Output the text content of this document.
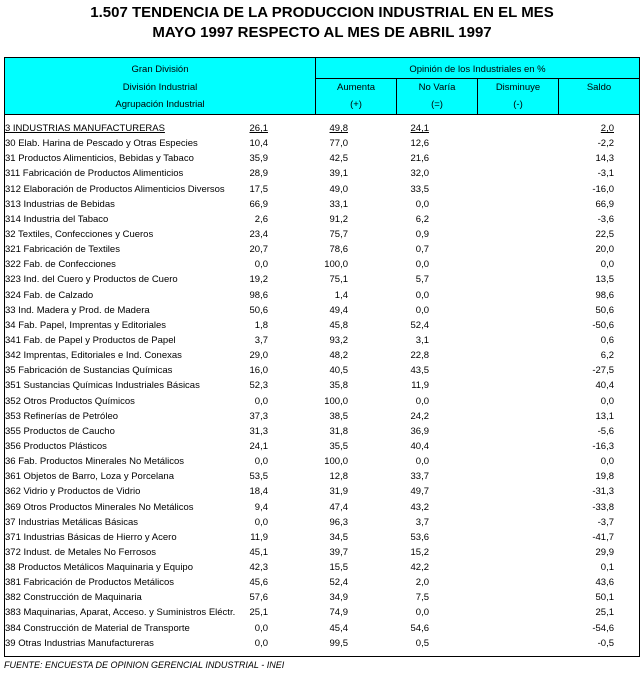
1.507 TENDENCIA DE LA PRODUCCION INDUSTRIAL EN EL MES
MAYO 1997 RESPECTO AL MES DE ABRIL 1997
Gran División
División Industrial
Agrupación Industrial
Opinión de los Industriales en %
Aumenta
(+)
No Varía
(=)
Disminuye
(-)
Saldo
3 INDUSTRIAS MANUFACTURERAS	26,1	49,8	24,1	2,0
30 Elab. Harina de Pescado y Otras Especies	10,4	77,0	12,6	-2,2
31 Productos Alimenticios, Bebidas y Tabaco	35,9	42,5	21,6	14,3
311 Fabricación de Productos Alimenticios	28,9	39,1	32,0	-3,1
312 Elaboración de Productos Alimenticios Diversos	17,5	49,0	33,5	-16,0
313 Industrias de Bebidas	66,9	33,1	0,0	66,9
314 Industria del Tabaco	2,6	91,2	6,2	-3,6
32 Textiles, Confecciones y Cueros	23,4	75,7	0,9	22,5
321 Fabricación de Textiles	20,7	78,6	0,7	20,0
322 Fab. de Confecciones	0,0	100,0	0,0	0,0
323 Ind. del Cuero y Productos de Cuero	19,2	75,1	5,7	13,5
324 Fab. de Calzado	98,6	1,4	0,0	98,6
33 Ind. Madera y Prod. de Madera	50,6	49,4	0,0	50,6
34 Fab. Papel, Imprentas y Editoriales	1,8	45,8	52,4	-50,6
341 Fab. de Papel y Productos de Papel	3,7	93,2	3,1	0,6
342 Imprentas, Editoriales e Ind. Conexas	29,0	48,2	22,8	6,2
35 Fabricación de Sustancias Químicas	16,0	40,5	43,5	-27,5
351 Sustancias Químicas Industriales Básicas	52,3	35,8	11,9	40,4
352 Otros Productos Químicos	0,0	100,0	0,0	0,0
353 Refinerías de Petróleo	37,3	38,5	24,2	13,1
355 Productos de Caucho	31,3	31,8	36,9	-5,6
356 Productos Plásticos	24,1	35,5	40,4	-16,3
36 Fab. Productos Minerales No Metálicos	0,0	100,0	0,0	0,0
361 Objetos de Barro, Loza y Porcelana	53,5	12,8	33,7	19,8
362 Vidrio y Productos de Vidrio	18,4	31,9	49,7	-31,3
369 Otros Productos Minerales No Metálicos	9,4	47,4	43,2	-33,8
37 Industrias Metálicas Básicas	0,0	96,3	3,7	-3,7
371 Industrias Básicas de Hierro y Acero	11,9	34,5	53,6	-41,7
372 Indust. de Metales No Ferrosos	45,1	39,7	15,2	29,9
38 Productos Metálicos Maquinaria y Equipo	42,3	15,5	42,2	0,1
381 Fabricación de Productos Metálicos	45,6	52,4	2,0	43,6
382 Construcción de Maquinaria	57,6	34,9	7,5	50,1
383 Maquinarias, Aparat, Acceso. y Suministros Eléctr. 25,1	74,9	0,0	25,1
384 Construcción de Material de Transporte	0,0	45,4	54,6	-54,6
39 Otras Industrias Manufactureras	0,0	99,5	0,5	-0,5
FUENTE: ENCUESTA DE OPINION GERENCIAL INDUSTRIAL - INEI
